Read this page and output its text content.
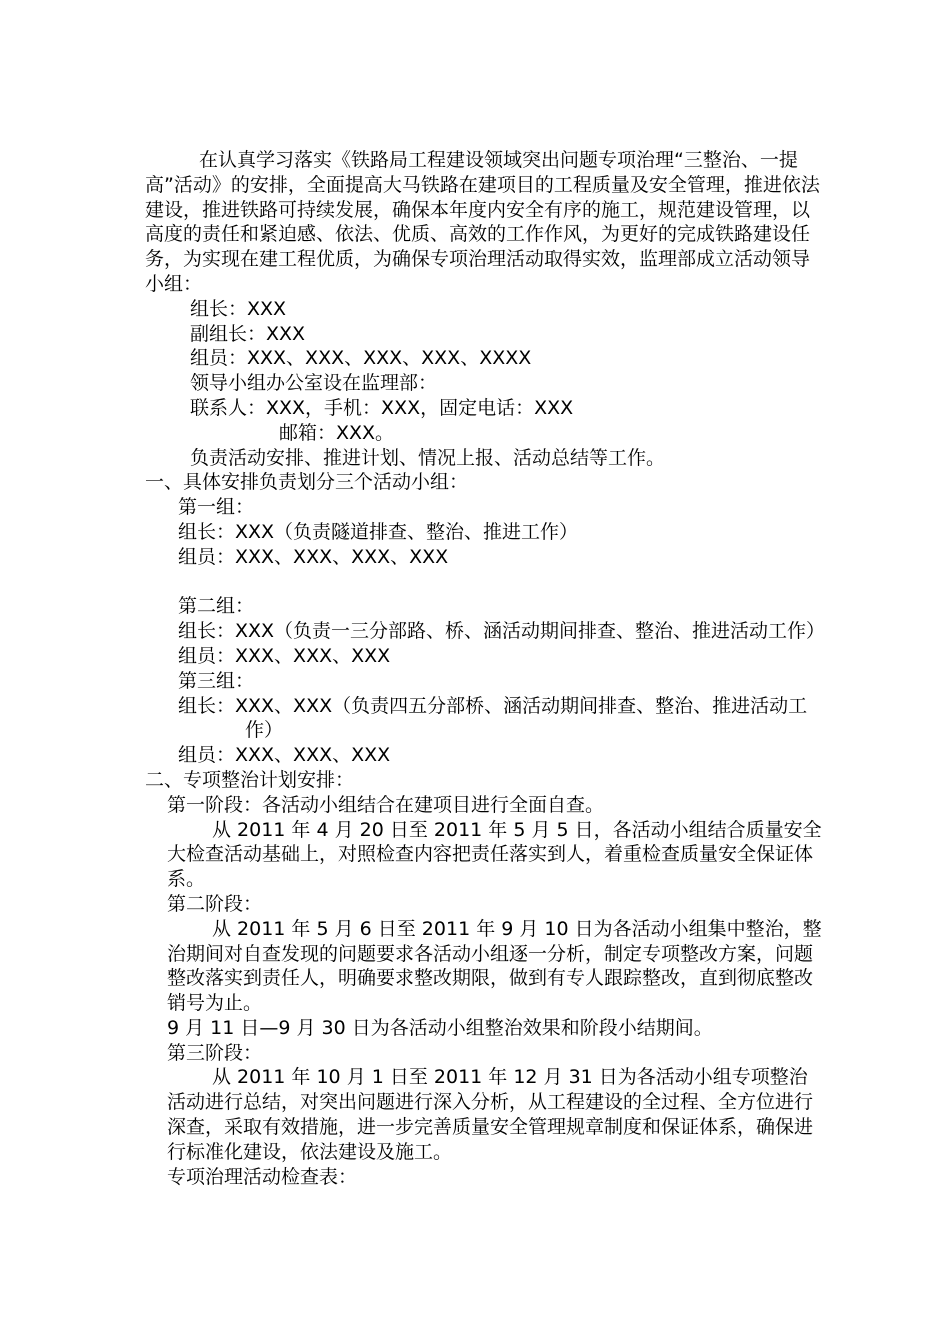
在认真学习落实《铁路局工程建设领域突出问题专项治理“三整治、一提高”活动》的安排，全面提高大马铁路在建项目的工程质量及安全管理，推进依法建设，推进铁路可持续发展，确保本年度内安全有序的施工，规范建设管理，以高度的责任和紧迫感、依法、优质、高效的工作作风，为更好的完成铁路建设任务，为实现在建工程优质，为确保专项治理活动取得实效，监理部成立活动领导小组：

组长：XXX

副组长：XXX

组员：XXX、XXX、XXX、XXX、XXXX

领导小组办公室设在监理部：

联系人：XXX，手机：XXX，固定电话：XXX

邮箱：XXX。

负责活动安排、推进计划、情况上报、活动总结等工作。

一、具体安排负责划分三个活动小组：

第一组：

组长：XXX（负责隧道排查、整治、推进工作）

组员：XXX、XXX、XXX、XXX

第二组：

组长：XXX（负责一三分部路、桥、涵活动期间排查、整治、推进活动工作）

组员：XXX、XXX、XXX

第三组：

组长：XXX、XXX（负责四五分部桥、涵活动期间排查、整治、推进活动工作）

组员：XXX、XXX、XXX

二、专项整治计划安排：

第一阶段：各活动小组结合在建项目进行全面自查。

从 2011 年 4 月 20 日至 2011 年 5 月 5 日，各活动小组结合质量安全大检查活动基础上，对照检查内容把责任落实到人，着重检查质量安全保证体系。

第二阶段：

从 2011 年 5 月 6 日至 2011 年 9 月 10 日为各活动小组集中整治，整治期间对自查发现的问题要求各活动小组逐一分析，制定专项整改方案，问题整改落实到责任人，明确要求整改期限，做到有专人跟踪整改，直到彻底整改销号为止。

9 月 11 日—9 月 30 日为各活动小组整治效果和阶段小结期间。

第三阶段：

从 2011 年 10 月 1 日至 2011 年 12 月 31 日为各活动小组专项整治活动进行总结，对突出问题进行深入分析，从工程建设的全过程、全方位进行深查，采取有效措施，进一步完善质量安全管理规章制度和保证体系，确保进行标准化建设，依法建设及施工。

专项治理活动检查表：
